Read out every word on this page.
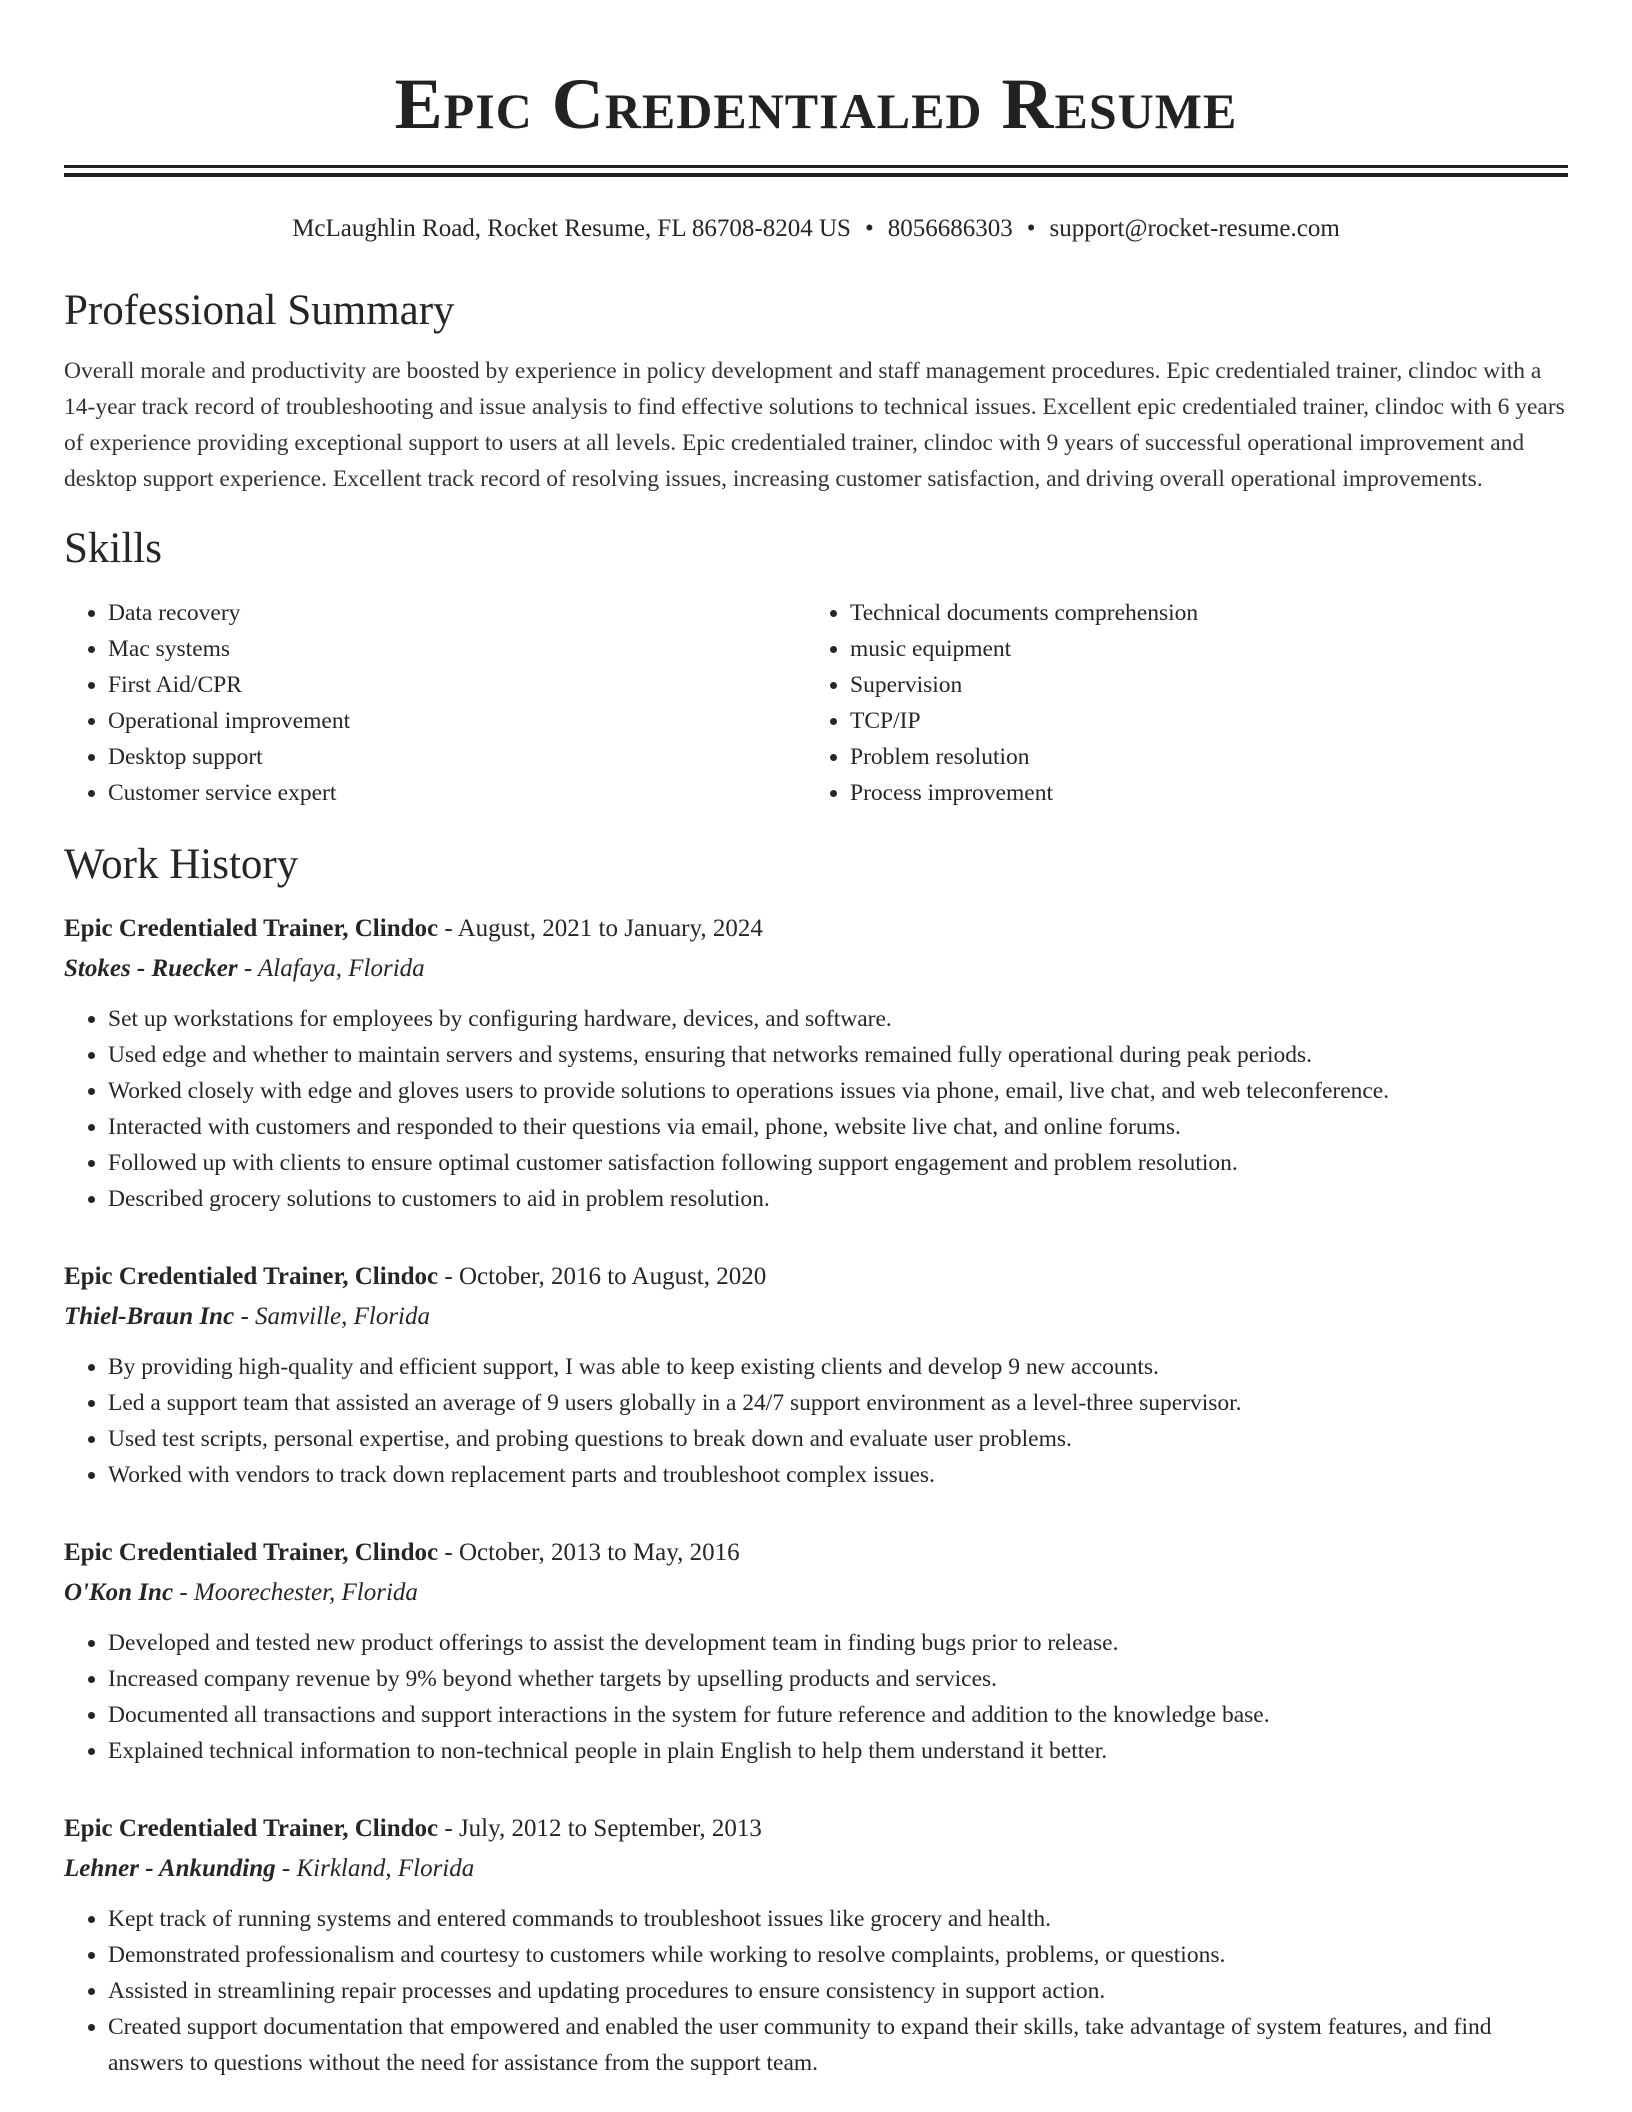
Epic Credentialed Resume
McLaughlin Road, Rocket Resume, FL 86708-8204 US • 8056686303 • support@rocket-resume.com
Professional Summary
Overall morale and productivity are boosted by experience in policy development and staff management procedures. Epic credentialed trainer, clindoc with a 14-year track record of troubleshooting and issue analysis to find effective solutions to technical issues. Excellent epic credentialed trainer, clindoc with 6 years of experience providing exceptional support to users at all levels. Epic credentialed trainer, clindoc with 9 years of successful operational improvement and desktop support experience. Excellent track record of resolving issues, increasing customer satisfaction, and driving overall operational improvements.
Skills
• Data recovery
• Mac systems
• First Aid/CPR
• Operational improvement
• Desktop support
• Customer service expert
• Technical documents comprehension
• music equipment
• Supervision
• TCP/IP
• Problem resolution
• Process improvement
Work History
Epic Credentialed Trainer, Clindoc - August, 2021 to January, 2024
Stokes - Ruecker - Alafaya, Florida
• Set up workstations for employees by configuring hardware, devices, and software.
• Used edge and whether to maintain servers and systems, ensuring that networks remained fully operational during peak periods.
• Worked closely with edge and gloves users to provide solutions to operations issues via phone, email, live chat, and web teleconference.
• Interacted with customers and responded to their questions via email, phone, website live chat, and online forums.
• Followed up with clients to ensure optimal customer satisfaction following support engagement and problem resolution.
• Described grocery solutions to customers to aid in problem resolution.
Epic Credentialed Trainer, Clindoc - October, 2016 to August, 2020
Thiel-Braun Inc - Samville, Florida
• By providing high-quality and efficient support, I was able to keep existing clients and develop 9 new accounts.
• Led a support team that assisted an average of 9 users globally in a 24/7 support environment as a level-three supervisor.
• Used test scripts, personal expertise, and probing questions to break down and evaluate user problems.
• Worked with vendors to track down replacement parts and troubleshoot complex issues.
Epic Credentialed Trainer, Clindoc - October, 2013 to May, 2016
O'Kon Inc - Moorechester, Florida
• Developed and tested new product offerings to assist the development team in finding bugs prior to release.
• Increased company revenue by 9% beyond whether targets by upselling products and services.
• Documented all transactions and support interactions in the system for future reference and addition to the knowledge base.
• Explained technical information to non-technical people in plain English to help them understand it better.
Epic Credentialed Trainer, Clindoc - July, 2012 to September, 2013
Lehner - Ankunding - Kirkland, Florida
• Kept track of running systems and entered commands to troubleshoot issues like grocery and health.
• Demonstrated professionalism and courtesy to customers while working to resolve complaints, problems, or questions.
• Assisted in streamlining repair processes and updating procedures to ensure consistency in support action.
• Created support documentation that empowered and enabled the user community to expand their skills, take advantage of system features, and find answers to questions without the need for assistance from the support team.
